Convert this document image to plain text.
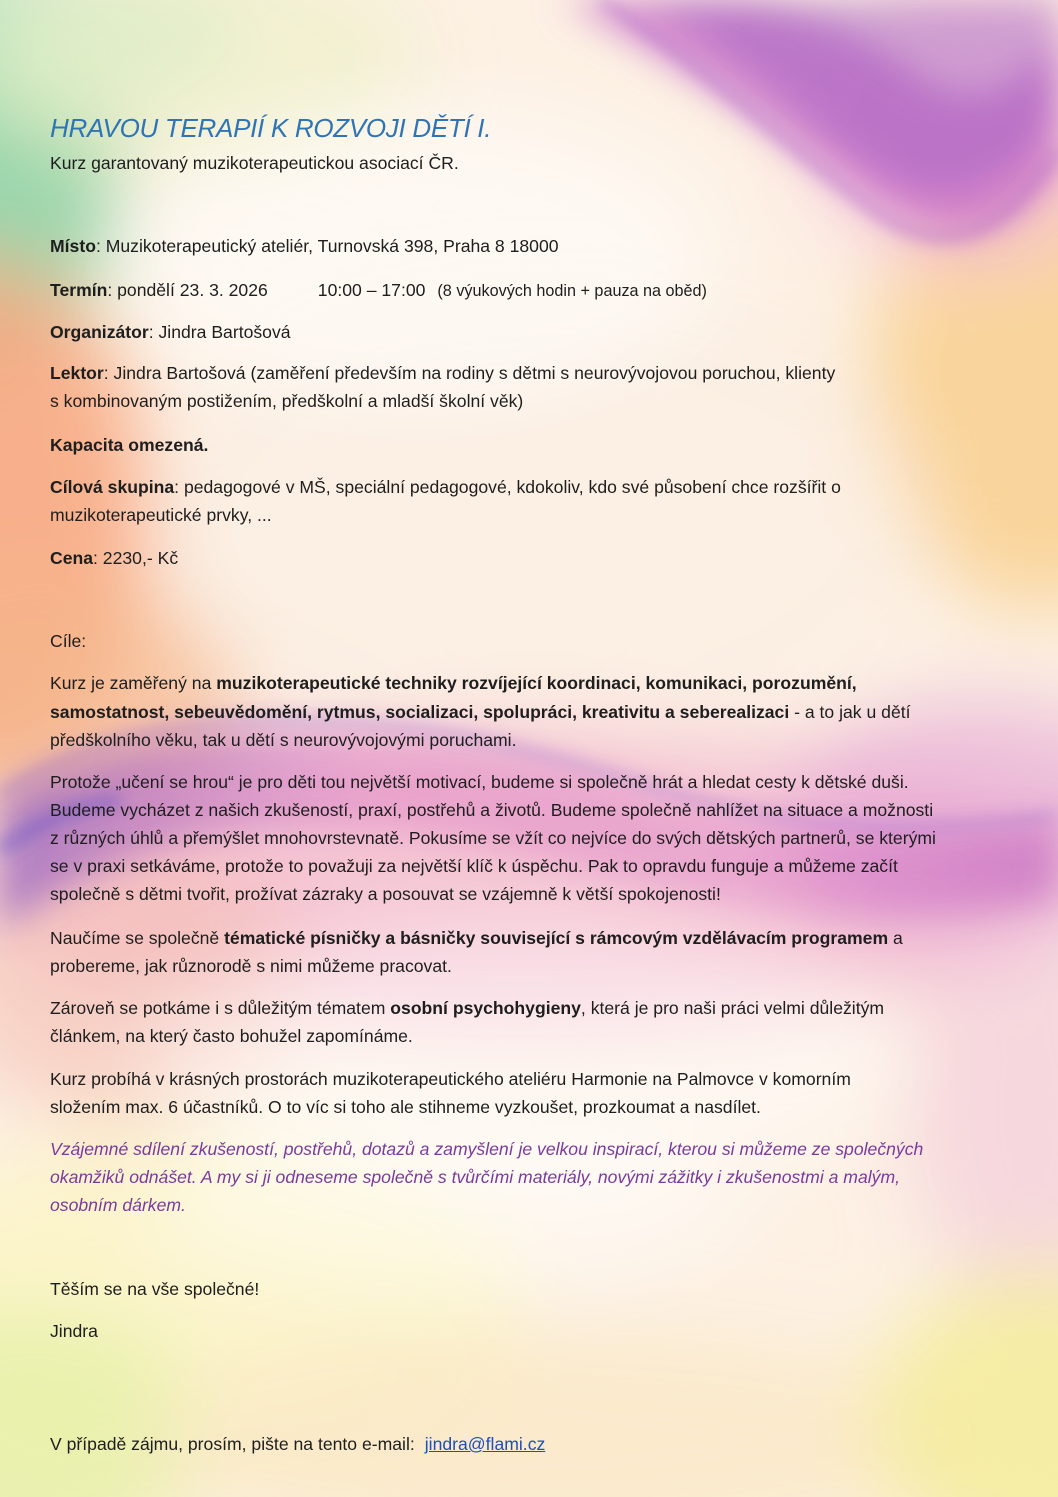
HRAVOU TERAPIÍ K ROZVOJI DĚTÍ I.

Kurz garantovaný muzikoterapeutickou asociací ČR.

Místo: Muzikoterapeutický ateliér, Turnovská 398, Praha 8 18000

Termín: pondělí 23. 3. 2026	10:00 – 17:00 (8 výukových hodin + pauza na oběd)

Organizátor: Jindra Bartošová

Lektor: Jindra Bartošová (zaměření především na rodiny s dětmi s neurovývojovou poruchou, klienty

s kombinovaným postižením, předškolní a mladší školní věk)

Kapacita omezená.

Cílová skupina: pedagogové v MŠ, speciální pedagogové, kdokoliv, kdo své působení chce rozšířit o

muzikoterapeutické prvky, ...

Cena: 2230,- Kč

Cíle:

Kurz je zaměřený na muzikoterapeutické techniky rozvíjející koordinaci, komunikaci, porozumění,

samostatnost, sebeuvědomění, rytmus, socializaci, spolupráci, kreativitu a seberealizaci - a to jak u dětí

předškolního věku, tak u dětí s neurovývojovými poruchami.

Protože „učení se hrou“ je pro děti tou největší motivací, budeme si společně hrát a hledat cesty k dětské duši.

Budeme vycházet z našich zkušeností, praxí, postřehů a životů. Budeme společně nahlížet na situace a možnosti

z různých úhlů a přemýšlet mnohovrstevnatě. Pokusíme se vžít co nejvíce do svých dětských partnerů, se kterými

se v praxi setkáváme, protože to považuji za největší klíč k úspěchu. Pak to opravdu funguje a můžeme začít

společně s dětmi tvořit, prožívat zázraky a posouvat se vzájemně k větší spokojenosti!

Naučíme se společně tématické písničky a básničky související s rámcovým vzdělávacím programem a

probereme, jak různorodě s nimi můžeme pracovat.

Zároveň se potkáme i s důležitým tématem osobní psychohygieny, která je pro naši práci velmi důležitým

článkem, na který často bohužel zapomínáme.

Kurz probíhá v krásných prostorách muzikoterapeutického ateliéru Harmonie na Palmovce v komorním

složením max. 6 účastníků. O to víc si toho ale stihneme vyzkoušet, prozkoumat a nasdílet.

Vzájemné sdílení zkušeností, postřehů, dotazů a zamyšlení je velkou inspirací, kterou si můžeme ze společných

okamžiků odnášet. A my si ji odneseme společně s tvůrčími materiály, novými zážitky i zkušenostmi a malým,

osobním dárkem.

Těším se na vše společné!

Jindra

V případě zájmu, prosím, pište na tento e-mail: jindra@flami.cz
